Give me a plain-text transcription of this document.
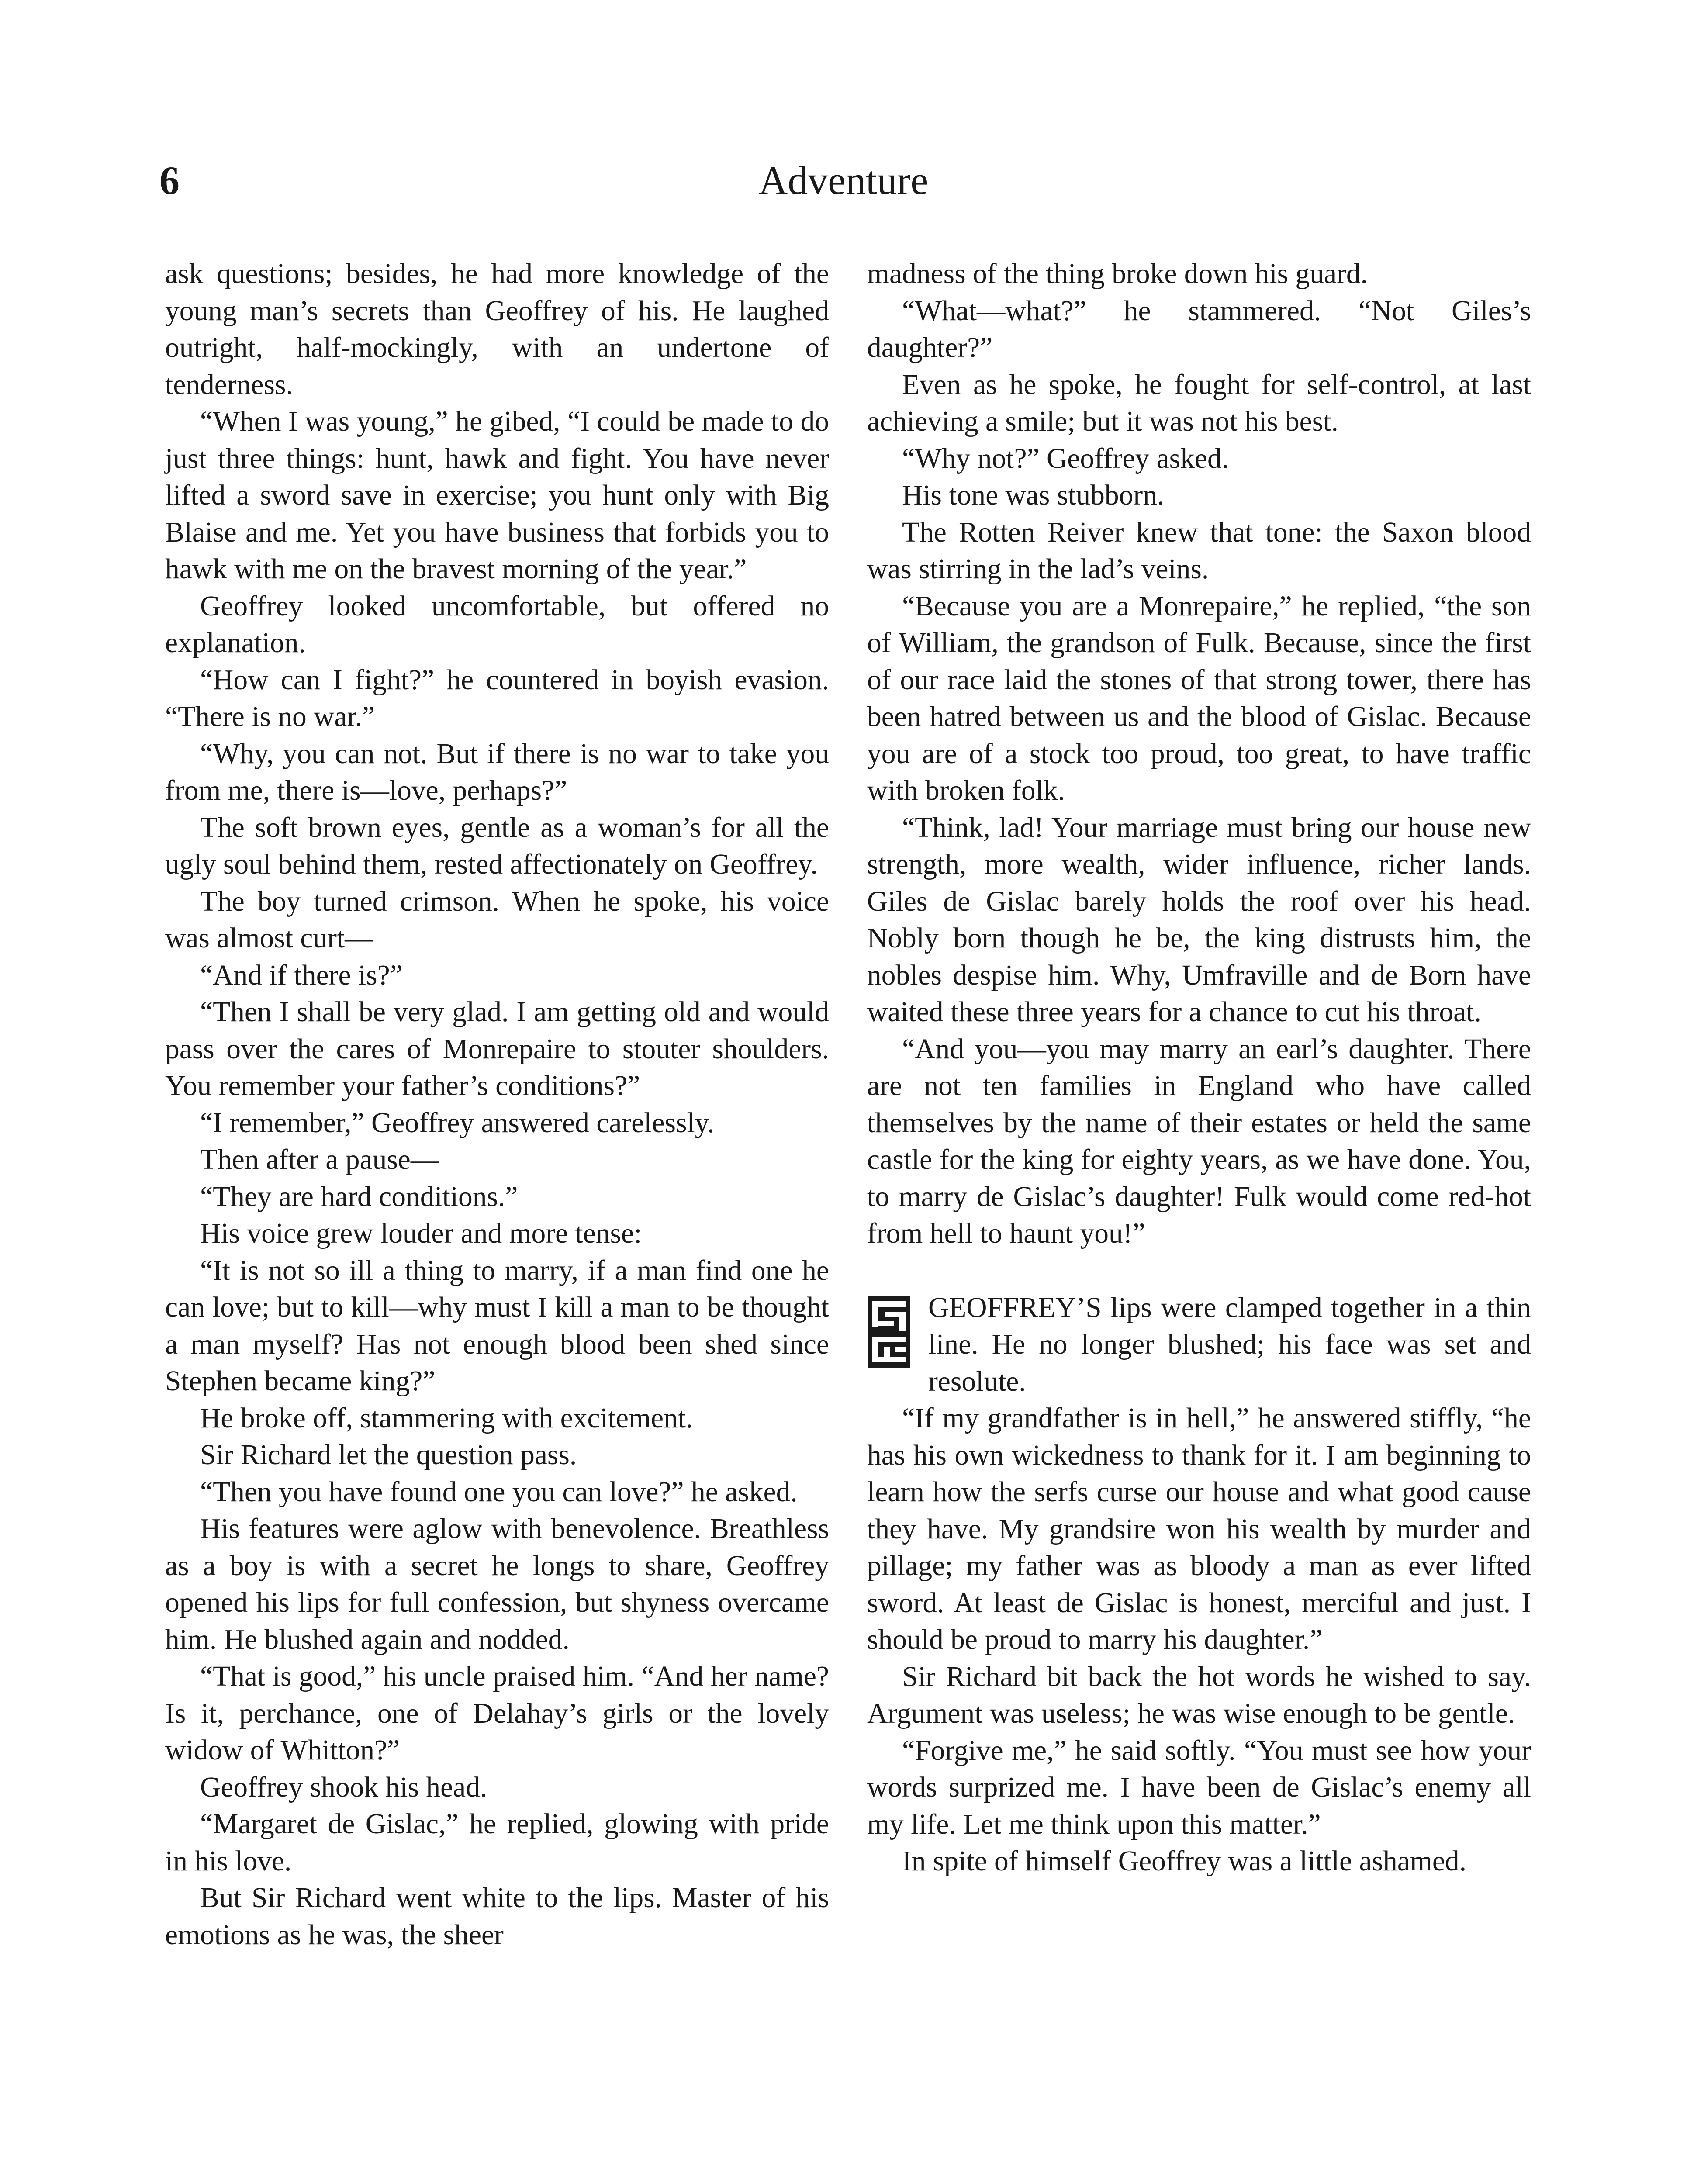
6	Adventure

ask questions; besides, he had more knowledge of the young man’s secrets than Geoffrey of his. He laughed outright, half-mockingly, with an undertone of tenderness.

“When I was young,” he gibed, “I could be made to do just three things: hunt, hawk and fight. You have never lifted a sword save in exercise; you hunt only with Big Blaise and me. Yet you have business that forbids you to hawk with me on the bravest morning of the year.”

Geoffrey looked uncomfortable, but offered no explanation.

“How can I fight?” he countered in boyish evasion. “There is no war.”

“Why, you can not. But if there is no war to take you from me, there is—love, perhaps?”

The soft brown eyes, gentle as a woman’s for all the ugly soul behind them, rested affectionately on Geoffrey.

The boy turned crimson. When he spoke, his voice was almost curt—

“And if there is?”

“Then I shall be very glad. I am getting old and would pass over the cares of Monrepaire to stouter shoulders. You remember your father’s conditions?”

“I remember,” Geoffrey answered carelessly.

Then after a pause—

“They are hard conditions.”

His voice grew louder and more tense:

“It is not so ill a thing to marry, if a man find one he can love; but to kill—why must I kill a man to be thought a man myself? Has not enough blood been shed since Stephen became king?”

He broke off, stammering with excitement.

Sir Richard let the question pass.

“Then you have found one you can love?” he asked.

His features were aglow with benevolence. Breathless as a boy is with a secret he longs to share, Geoffrey opened his lips for full confession, but shyness overcame him. He blushed again and nodded.

“That is good,” his uncle praised him. “And her name? Is it, perchance, one of Delahay’s girls or the lovely widow of Whitton?”

Geoffrey shook his head.

“Margaret de Gislac,” he replied, glowing with pride in his love.

But Sir Richard went white to the lips. Master of his emotions as he was, the sheer

madness of the thing broke down his guard.

“What—what?” he stammered. “Not Giles’s daughter?”

Even as he spoke, he fought for self-control, at last achieving a smile; but it was not his best.

“Why not?” Geoffrey asked.

His tone was stubborn.

The Rotten Reiver knew that tone: the Saxon blood was stirring in the lad’s veins.

“Because you are a Monrepaire,” he replied, “the son of William, the grandson of Fulk. Because, since the first of our race laid the stones of that strong tower, there has been hatred between us and the blood of Gislac. Because you are of a stock too proud, too great, to have traffic with broken folk.

“Think, lad! Your marriage must bring our house new strength, more wealth, wider influence, richer lands. Giles de Gislac barely holds the roof over his head. Nobly born though he be, the king distrusts him, the nobles despise him. Why, Umfraville and de Born have waited these three years for a chance to cut his throat.

“And you—you may marry an earl’s daughter. There are not ten families in England who have called themselves by the name of their estates or held the same castle for the king for eighty years, as we have done. You, to marry de Gislac’s daughter! Fulk would come red-hot from hell to haunt you!”

GEOFFREY’S lips were clamped together in a thin line. He no longer blushed; his face was set and resolute.

“If my grandfather is in hell,” he answered stiffly, “he has his own wickedness to thank for it. I am beginning to learn how the serfs curse our house and what good cause they have. My grandsire won his wealth by murder and pillage; my father was as bloody a man as ever lifted sword. At least de Gislac is honest, merciful and just. I should be proud to marry his daughter.”

Sir Richard bit back the hot words he wished to say. Argument was useless; he was wise enough to be gentle.

“Forgive me,” he said softly. “You must see how your words surprized me. I have been de Gislac’s enemy all my life. Let me think upon this matter.”

In spite of himself Geoffrey was a little ashamed.
